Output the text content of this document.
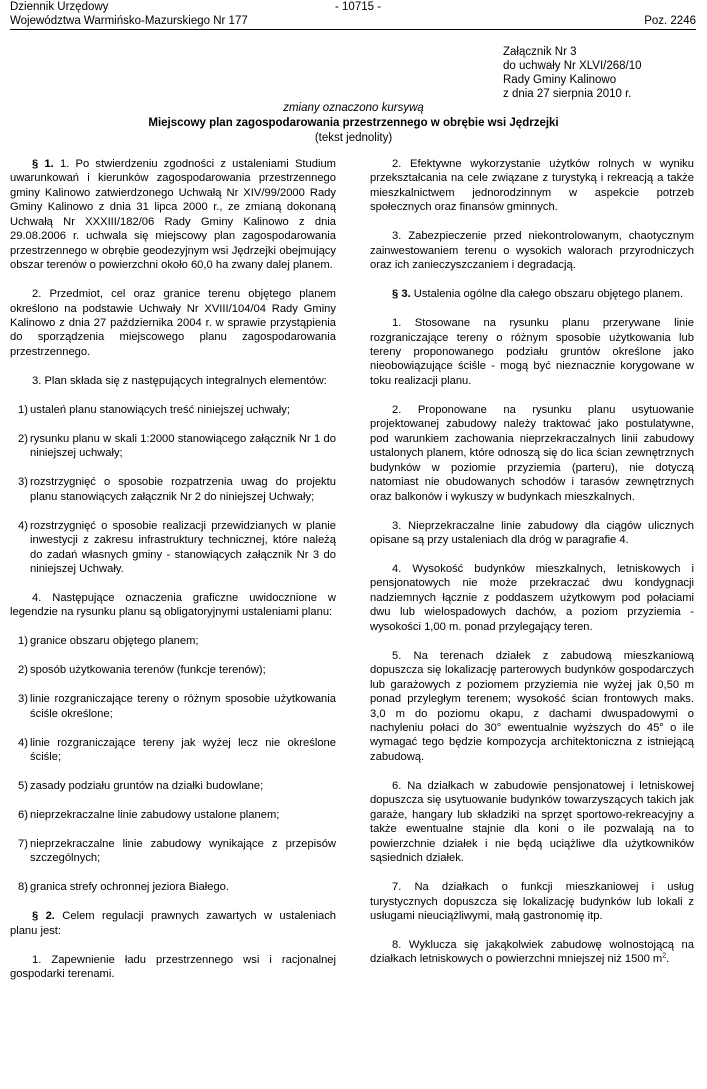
Dziennik Urzędowy	- 10715 -
Województwa Warmińsko-Mazurskiego Nr 177	Poz. 2246
Załącznik Nr 3
do uchwały Nr XLVI/268/10
Rady Gminy Kalinowo
z dnia 27 sierpnia 2010 r.
zmiany oznaczono kursywą
Miejscowy plan zagospodarowania przestrzennego w obrębie wsi Jędrzejki
(tekst jednolity)

§ 1. 1. Po stwierdzeniu zgodności z ustaleniami Studium uwarunkowań i kierunków zagospodarowania przestrzennego gminy Kalinowo zatwierdzonego Uchwałą Nr XIV/99/2000 Rady Gminy Kalinowo z dnia 31 lipca 2000 r., ze zmianą dokonaną Uchwałą Nr XXXIII/182/06 Rady Gminy Kalinowo z dnia 29.08.2006 r. uchwala się miejscowy plan zagospodarowania przestrzennego w obrębie geodezyjnym wsi Jędrzejki obejmujący obszar terenów o powierzchni około 60,0 ha zwany dalej planem.

2. Przedmiot, cel oraz granice terenu objętego planem określono na podstawie Uchwały Nr XVIII/104/04 Rady Gminy Kalinowo z dnia 27 października 2004 r. w sprawie przystąpienia do sporządzenia miejscowego planu zagospodarowania przestrzennego.

3. Plan składa się z następujących integralnych elementów:

1) ustaleń planu stanowiących treść niniejszej uchwały;
2) rysunku planu w skali 1:2000 stanowiącego załącznik Nr 1 do niniejszej uchwały;
3) rozstrzygnięć o sposobie rozpatrzenia uwag do projektu planu stanowiących załącznik Nr 2 do niniejszej Uchwały;
4) rozstrzygnięć o sposobie realizacji przewidzianych w planie inwestycji z zakresu infrastruktury technicznej, które należą do zadań własnych gminy - stanowiących załącznik Nr 3 do niniejszej Uchwały.

4. Następujące oznaczenia graficzne uwidocznione w legendzie na rysunku planu są obligatoryjnymi ustaleniami planu:

1) granice obszaru objętego planem;
2) sposób użytkowania terenów (funkcje terenów);
3) linie rozgraniczające tereny o różnym sposobie użytkowania ściśle określone;
4) linie rozgraniczające tereny jak wyżej lecz nie określone ściśle;
5) zasady podziału gruntów na działki budowlane;
6) nieprzekraczalne linie zabudowy ustalone planem;
7) nieprzekraczalne linie zabudowy wynikające z przepisów szczególnych;
8) granica strefy ochronnej jeziora Białego.

§ 2. Celem regulacji prawnych zawartych w ustaleniach planu jest:

1. Zapewnienie ładu przestrzennego wsi i racjonalnej gospodarki terenami.

2. Efektywne wykorzystanie użytków rolnych w wyniku przekształcania na cele związane z turystyką i rekreacją a także mieszkalnictwem jednorodzinnym w aspekcie potrzeb społecznych oraz finansów gminnych.

3. Zabezpieczenie przed niekontrolowanym, chaotycznym zainwestowaniem terenu o wysokich walorach przyrodniczych oraz ich zanieczyszczaniem i degradacją.

§ 3. Ustalenia ogólne dla całego obszaru objętego planem.

1. Stosowane na rysunku planu przerywane linie rozgraniczające tereny o różnym sposobie użytkowania lub tereny proponowanego podziału gruntów określone jako nieobowiązujące ściśle - mogą być nieznacznie korygowane w toku realizacji planu.

2. Proponowane na rysunku planu usytuowanie projektowanej zabudowy należy traktować jako postulatywne, pod warunkiem zachowania nieprzekraczalnych linii zabudowy ustalonych planem, które odnoszą się do lica ścian zewnętrznych budynków w poziomie przyziemia (parteru), nie dotyczą natomiast nie obudowanych schodów i tarasów zewnętrznych oraz balkonów i wykuszy w budynkach mieszkalnych.

3. Nieprzekraczalne linie zabudowy dla ciągów ulicznych opisane są przy ustaleniach dla dróg w paragrafie 4.

4. Wysokość budynków mieszkalnych, letniskowych i pensjonatowych nie może przekraczać dwu kondygnacji nadziemnych łącznie z poddaszem użytkowym pod połaciami dwu lub wielospadowych dachów, a poziom przyziemia - wysokości 1,00 m. ponad przylegający teren.

5. Na terenach działek z zabudową mieszkaniową dopuszcza się lokalizację parterowych budynków gospodarczych lub garażowych z poziomem przyziemia nie wyżej jak 0,50 m ponad przyległym terenem; wysokość ścian frontowych maks. 3,0 m do poziomu okapu, z dachami dwuspadowymi o nachyleniu połaci do 30° ewentualnie wyższych do 45° o ile wymagać tego będzie kompozycja architektoniczna z istniejącą zabudową.

6. Na działkach w zabudowie pensjonatowej i letniskowej dopuszcza się usytuowanie budynków towarzyszących takich jak garaże, hangary lub składziki na sprzęt sportowo-rekreacyjny a także ewentualne stajnie dla koni o ile pozwalają na to powierzchnie działek i nie będą uciążliwe dla użytkowników sąsiednich działek.

7. Na działkach o funkcji mieszkaniowej i usług turystycznych dopuszcza się lokalizację budynków lub lokali z usługami nieuciążliwymi, małą gastronomię itp.

8. Wyklucza się jakąkolwiek zabudowę wolnostojącą na działkach letniskowych o powierzchni mniejszej niż 1500 $m^2$.
